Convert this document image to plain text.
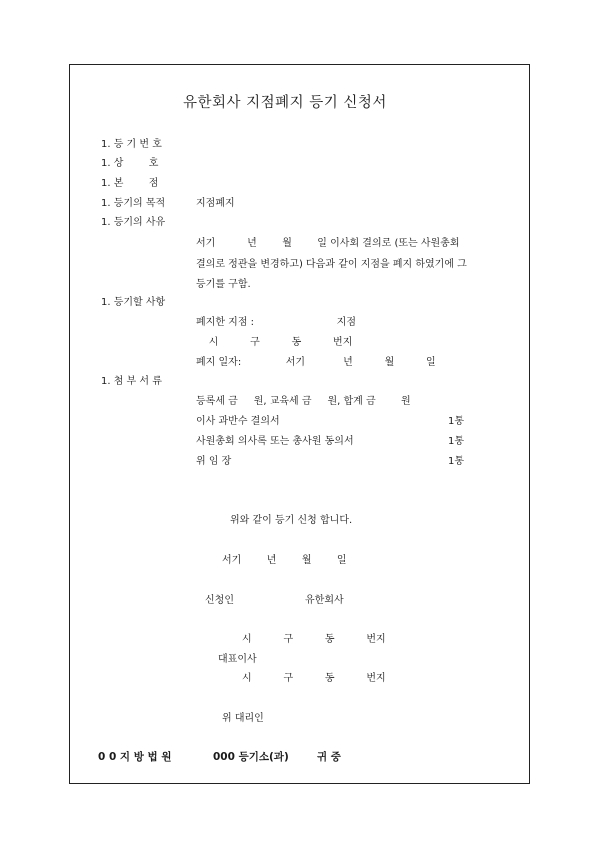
유한회사 지점폐지 등기 신청서
1. 등 기 번 호
1. 상        호
1. 본        점
1. 등기의 목적	지점폐지
1. 등기의 사유
서기          년        월        일 이사회 결의로 (또는 사원총회
결의로 정관을 변경하고) 다음과 같이 지점을 폐지 하였기에 그
등기를 구함.
1. 등기할 사항
폐지한 지점 :                          지점
시          구          동          번지
폐지 일자:              서기            년          월          일
1. 첨 부 서 류
등록세 금     원, 교육세 금     원, 합계 금        원
이사 과반수 결의서	1통
사원총회 의사록 또는 총사원 동의서	1통
위 임 장	1통
위와 같이 등기 신청 합니다.
서기        년        월        일
신청인	유한회사
시          구          동          번지
대표이사
시          구          동          번지
위 대리인
0 0 지 방 법 원	000 등기소(과)	귀 중
